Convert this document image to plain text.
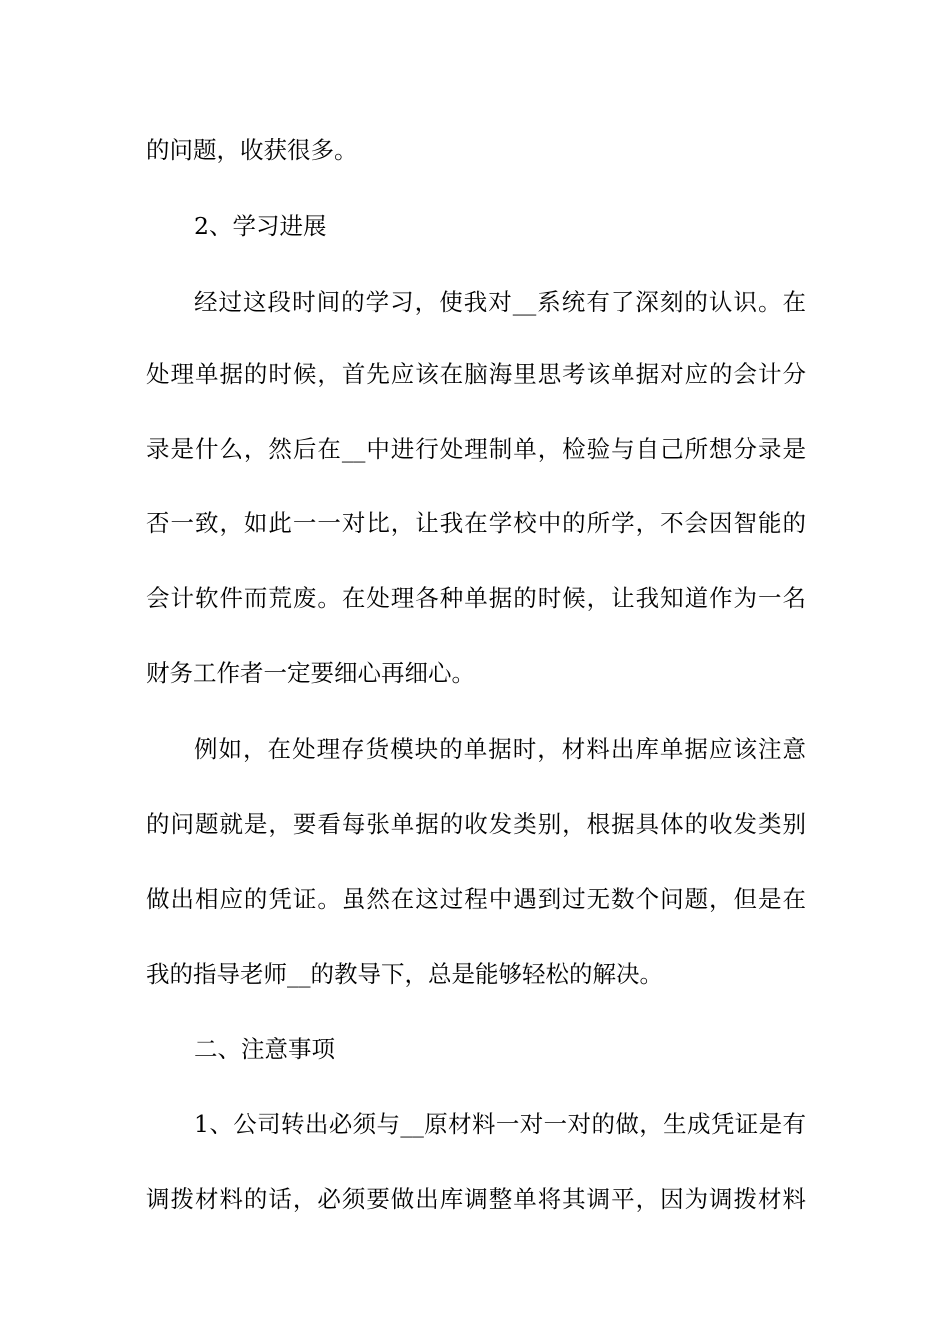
的问题，收获很多。
2、学习进展
经过这段时间的学习，使我对__系统有了深刻的认识。在
处理单据的时候，首先应该在脑海里思考该单据对应的会计分
录是什么，然后在__中进行处理制单，检验与自己所想分录是
否一致，如此一一对比，让我在学校中的所学，不会因智能的
会计软件而荒废。在处理各种单据的时候，让我知道作为一名
财务工作者一定要细心再细心。
例如，在处理存货模块的单据时，材料出库单据应该注意
的问题就是，要看每张单据的收发类别，根据具体的收发类别
做出相应的凭证。虽然在这过程中遇到过无数个问题，但是在
我的指导老师__的教导下，总是能够轻松的解决。
二、注意事项
1、公司转出必须与__原材料一对一对的做，生成凭证是有
调拨材料的话，必须要做出库调整单将其调平，因为调拨材料
